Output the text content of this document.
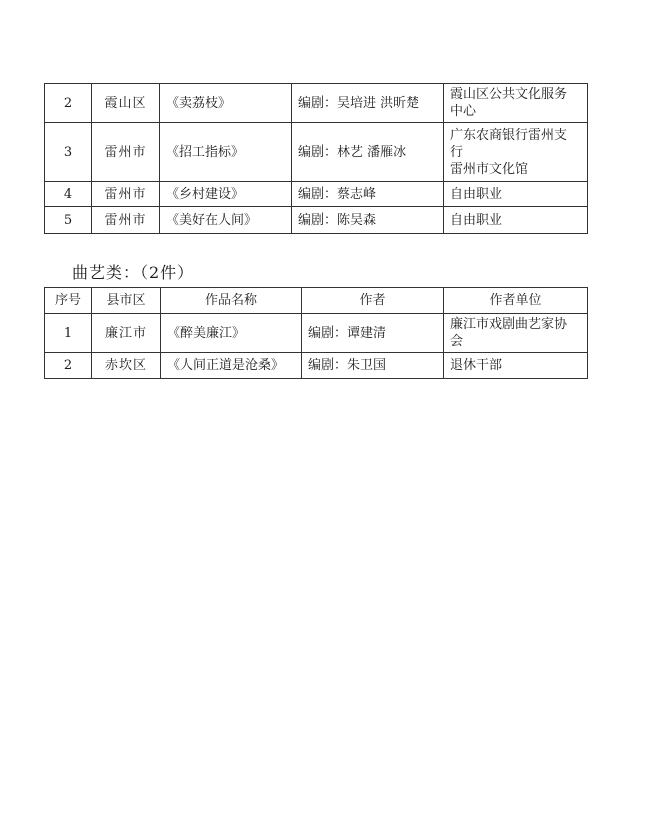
2	霞山区	《卖荔枝》	编剧：吴培进 洪昕楚	霞山区公共文化服务
中心

3	雷州市	《招工指标》	编剧：林艺 潘雁冰	广东农商银行雷州支
行
雷州市文化馆

4	雷州市	《乡村建设》	编剧：蔡志峰	自由职业

5	雷州市	《美好在人间》	编剧：陈吴森	自由职业
曲艺类：（2件）
序号	县市区	作品名称	作者	作者单位
1	廉江市	《醉美廉江》	编剧：谭建清	廉江市戏剧曲艺家协
会

2	赤坎区	《人间正道是沧桑》	编剧：朱卫国	退休干部
